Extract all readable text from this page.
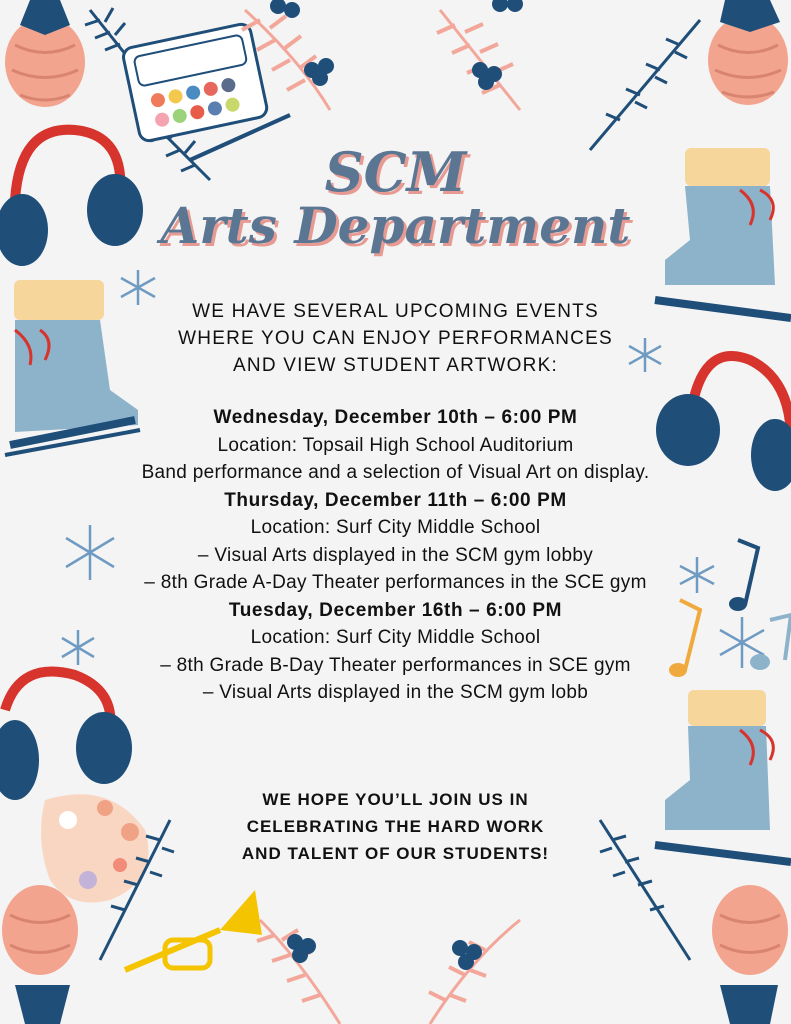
SCM
Arts Department
WE HAVE SEVERAL UPCOMING EVENTS
WHERE YOU CAN ENJOY PERFORMANCES
AND VIEW STUDENT ARTWORK:
Wednesday, December 10th – 6:00 PM
Location: Topsail High School Auditorium
Band performance and a selection of Visual Art on display.
Thursday, December 11th – 6:00 PM
Location: Surf City Middle School
– Visual Arts displayed in the SCM gym lobby
– 8th Grade A-Day Theater performances in the SCE gym
Tuesday, December 16th – 6:00 PM
Location: Surf City Middle School
– 8th Grade B-Day Theater performances in SCE gym
– Visual Arts displayed in the SCM gym lobb
WE HOPE YOU’LL JOIN US IN
CELEBRATING THE HARD WORK
AND TALENT OF OUR STUDENTS!
